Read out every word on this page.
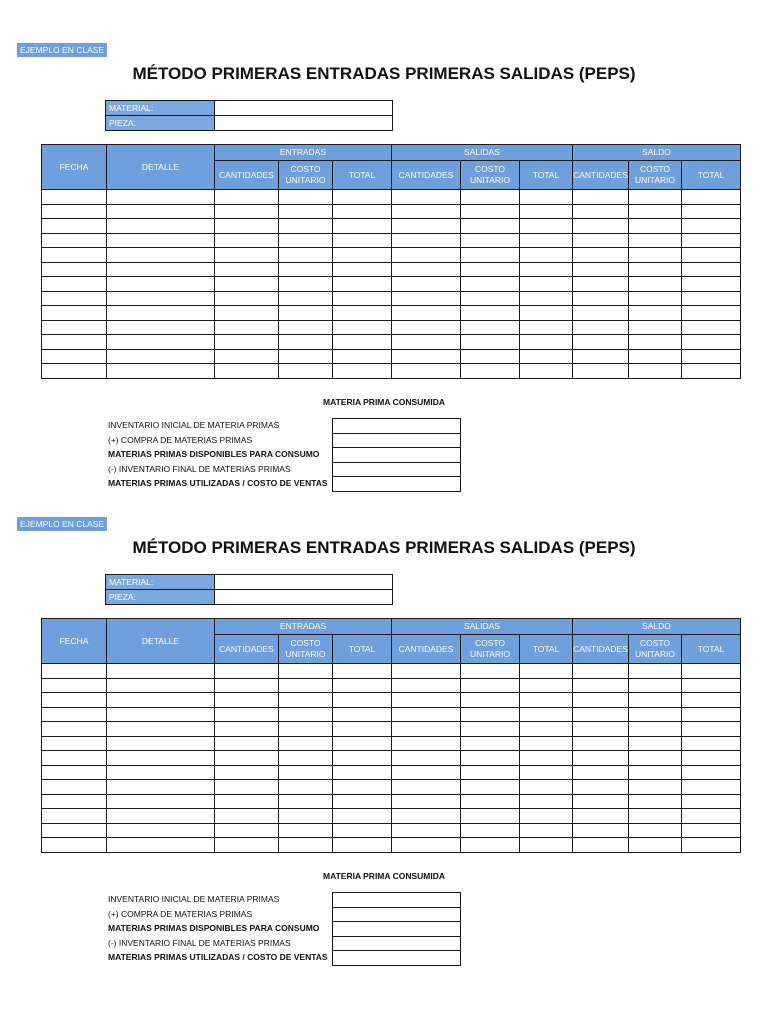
EJEMPLO EN CLASE
MÉTODO PRIMERAS ENTRADAS PRIMERAS SALIDAS (PEPS)
MATERIAL:	
PIEZA:	
FECHA	DETALLE	ENTRADAS			SALIDAS			SALDO		
		CANTIDADES	COSTO UNITARIO	TOTAL	CANTIDADES	COSTO UNITARIO	TOTAL	CANTIDADES	COSTO UNITARIO	TOTAL

MATERIA PRIMA CONSUMIDA
INVENTARIO INICIAL DE MATERIA PRIMAS
(+) COMPRA DE MATERIAS PRIMAS
MATERIAS PRIMAS DISPONIBLES PARA CONSUMO
(-) INVENTARIO FINAL DE MATERIAS PRIMAS
MATERIAS PRIMAS UTILIZADAS / COSTO DE VENTAS
EJEMPLO EN CLASE
MÉTODO PRIMERAS ENTRADAS PRIMERAS SALIDAS (PEPS)
MATERIAL:	
PIEZA:	
FECHA	DETALLE	ENTRADAS			SALIDAS			SALDO		
		CANTIDADES	COSTO UNITARIO	TOTAL	CANTIDADES	COSTO UNITARIO	TOTAL	CANTIDADES	COSTO UNITARIO	TOTAL

MATERIA PRIMA CONSUMIDA
INVENTARIO INICIAL DE MATERIA PRIMAS
(+) COMPRA DE MATERIAS PRIMAS
MATERIAS PRIMAS DISPONIBLES PARA CONSUMO
(-) INVENTARIO FINAL DE MATERIAS PRIMAS
MATERIAS PRIMAS UTILIZADAS / COSTO DE VENTAS
